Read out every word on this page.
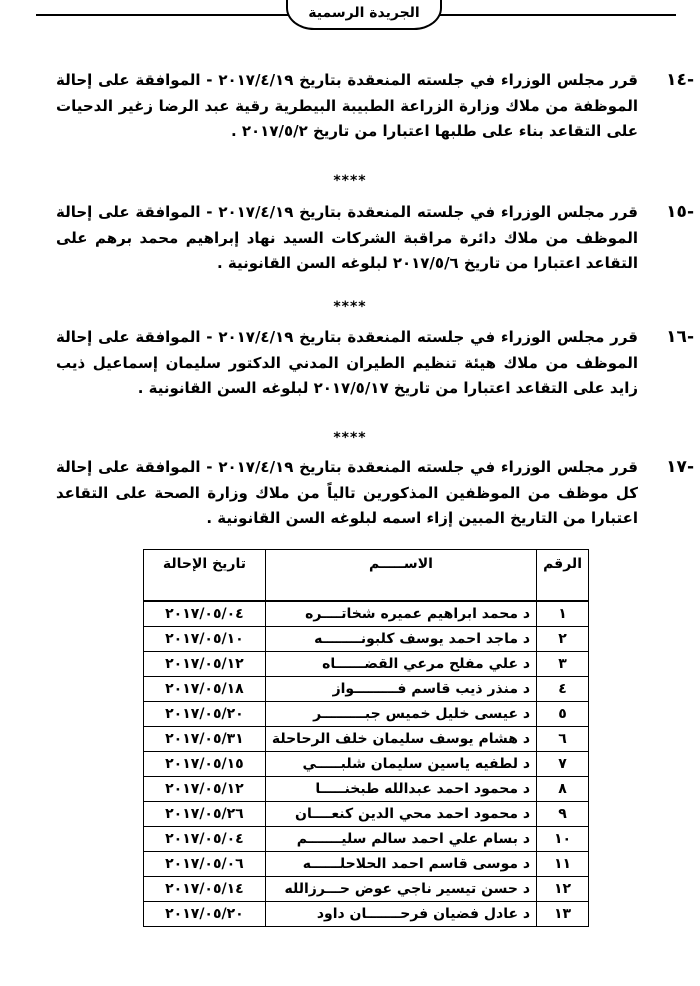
الجريدة الرسمية
-١٤
قرر مجلس الوزراء في جلسته المنعقدة بتاريخ ٢٠١٧/٤/١٩ - الموافقة على إحالة الموظفة من ملاك وزارة الزراعة الطبيبة البيطرية رقية عبد الرضا زغير الدحيات على التقاعد بناء على طلبها اعتبارا من تاريخ ٢٠١٧/٥/٢ .
****
-١٥
قرر مجلس الوزراء في جلسته المنعقدة بتاريخ ٢٠١٧/٤/١٩ - الموافقة على إحالة الموظف من ملاك دائرة مراقبة الشركات السيد نهاد إبراهيم محمد برهم على التقاعد اعتبارا من تاريخ ٢٠١٧/٥/٦ لبلوغه السن القانونية .
****
-١٦
قرر مجلس الوزراء في جلسته المنعقدة بتاريخ ٢٠١٧/٤/١٩ - الموافقة على إحالة الموظف من ملاك هيئة تنظيم الطيران المدني الدكتور سليمان إسماعيل ذيب زايد على التقاعد اعتبارا من تاريخ ٢٠١٧/٥/١٧ لبلوغه السن القانونية .
****
-١٧
قرر مجلس الوزراء في جلسته المنعقدة بتاريخ ٢٠١٧/٤/١٩ - الموافقة على إحالة كل موظف من الموظفين المذكورين تالياً من ملاك وزارة الصحة على التقاعد اعتبارا من التاريخ المبين إزاء اسمه لبلوغه السن القانونية .
الرقم	الاســـــم	تاريخ الإحالة
١	د محمد ابراهيم عميره شخاتــــره	٢٠١٧/٠٥/٠٤
٢	د ماجد احمد يوسف كلبونــــــــه	٢٠١٧/٠٥/١٠
٣	د علي مفلح مرعي القضــــــاه	٢٠١٧/٠٥/١٢
٤	د منذر ذيب قاسم فـــــــــواز	٢٠١٧/٠٥/١٨
٥	د عيسى خليل خميس جبـــــــــر	٢٠١٧/٠٥/٢٠
٦	د هشام يوسف سليمان خلف الرحاحلة	٢٠١٧/٠٥/٣١
٧	د لطفيه ياسين سليمان شلبـــــي	٢٠١٧/٠٥/١٥
٨	د محمود احمد عبدالله طبخنـــــا	٢٠١٧/٠٥/١٢
٩	د محمود احمد محي الدين كنعــــان	٢٠١٧/٠٥/٢٦
١٠	د بسام علي احمد سالم سليـــــــم	٢٠١٧/٠٥/٠٤
١١	د موسى قاسم احمد الحلاحلــــــه	٢٠١٧/٠٥/٠٦
١٢	د حسن تيسير ناجي عوض حـــرزالله	٢٠١٧/٠٥/١٤
١٣	د عادل فضيان فرحـــــــان داود	٢٠١٧/٠٥/٢٠
